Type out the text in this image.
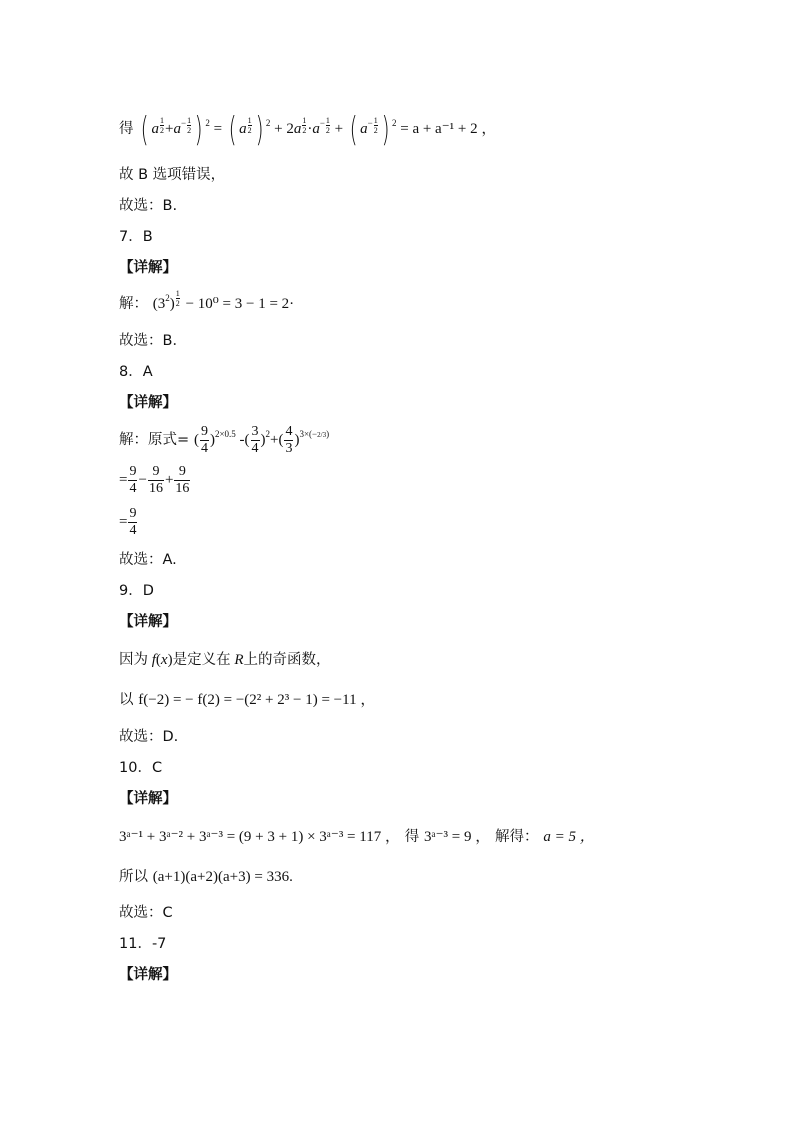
得 ( a $\frac{1}{2} +a^- \frac{1}{2}$ ) $^2$ = ( a $\frac{1}{2}$ ) $^2 + 2a \frac{1}{2} \cdot a^- \frac{1}{2}$ + ( $a^- \frac{1}{2}$ ) $^2$ = a + a⁻¹ + 2 ，
故 B 选项错误，
故选：B.
7．B
【详解】
解： $(3^2) \frac{1}{2} - 10^0 = 3 - 1 = 2\cdot$
故选：B．
8．A
【详解】
解：原式= ( $\frac{9}{4} )^{2\times 0.5}$ -( $\frac{3}{4} )^2+( \frac{4}{3} )^{3\times(-2/3)}$
= $\frac{9}{4} - \frac{9}{16} + \frac{9}{16}$
= $\frac{9}{4}$
故选：A.
9．D
【详解】
因为 f(x)是定义在 R上的奇函数，
以 f(−2) = − f(2) = −(2² + 2³ − 1) = −11 ，
故选：D.
10．C
【详解】
3ᵃ⁻¹ + 3ᵃ⁻² + 3ᵃ⁻³ = (9 + 3 + 1) × 3ᵃ⁻³ = 117 ， 得 3ᵃ⁻³ = 9 ， 解得： a = 5 ，
所以 (a+1)(a+2)(a+3) = 336.
故选：C
11．-7
【详解】
